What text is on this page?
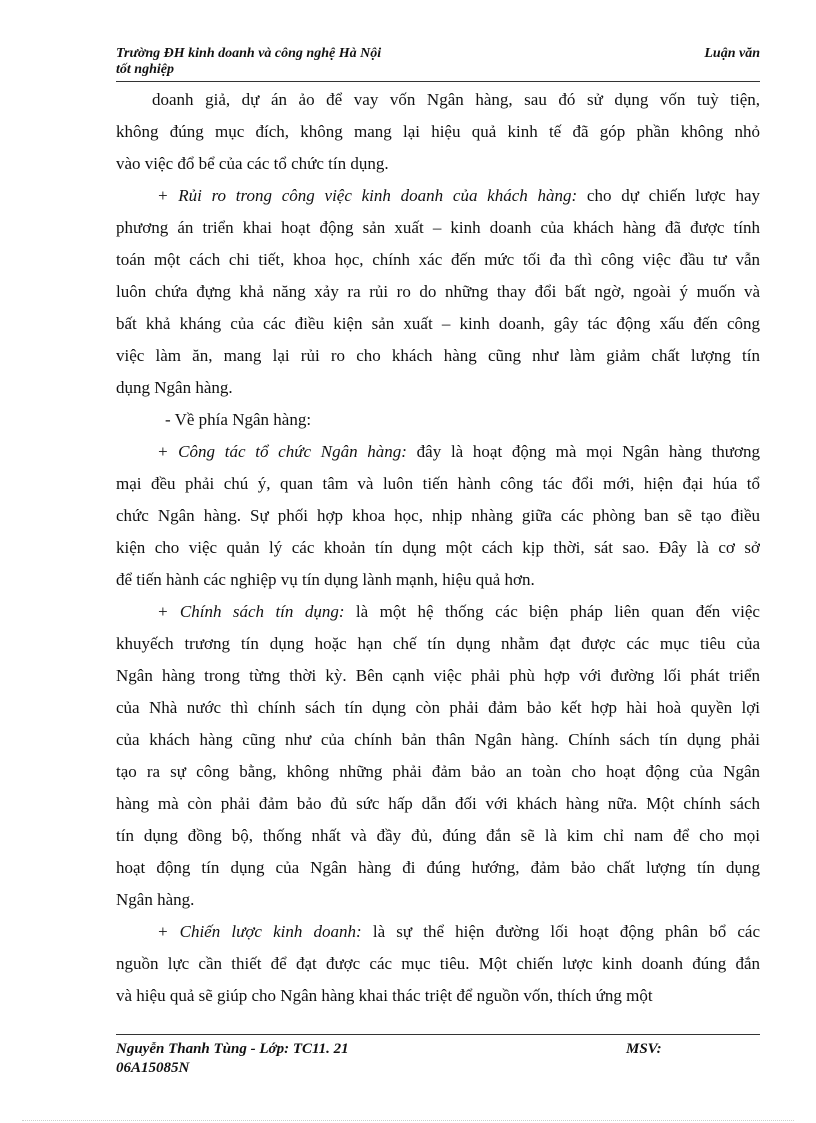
Trường ĐH kinh doanh và công nghệ Hà Nội	Luận văn
tốt nghiệp
doanh giả, dự án ảo để vay vốn Ngân hàng, sau đó sử dụng vốn tuỳ tiện,
không đúng mục đích, không mang lại hiệu quả kinh tế đã góp phần không nhỏ
vào việc đổ bể của các tổ chức tín dụng.
+ Rủi ro trong công việc kinh doanh của khách hàng: cho dự chiến lược hay
phương án triển khai hoạt động sản xuất – kinh doanh của khách hàng đã được tính
toán một cách chi tiết, khoa học, chính xác đến mức tối đa thì công việc đầu tư vẫn
luôn chứa đựng khả năng xảy ra rủi ro do những thay đổi bất ngờ, ngoài ý muốn và
bất khả kháng của các điều kiện sản xuất – kinh doanh, gây tác động xấu đến công
việc làm ăn, mang lại rủi ro cho khách hàng cũng như làm giảm chất lượng tín
dụng Ngân hàng.
- Về phía Ngân hàng:
+ Công tác tổ chức Ngân hàng: đây là hoạt động mà mọi Ngân hàng thương
mại đều phải chú ý, quan tâm và luôn tiến hành công tác đổi mới, hiện đại húa tổ
chức Ngân hàng. Sự phối hợp khoa học, nhịp nhàng giữa các phòng ban sẽ tạo điều
kiện cho việc quản lý các khoản tín dụng một cách kịp thời, sát sao. Đây là cơ sở
để tiến hành các nghiệp vụ tín dụng lành mạnh, hiệu quả hơn.
+ Chính sách tín dụng: là một hệ thống các biện pháp liên quan đến việc
khuyếch trương tín dụng hoặc hạn chế tín dụng nhằm đạt được các mục tiêu của
Ngân hàng trong từng thời kỳ. Bên cạnh việc phải phù hợp với đường lối phát triển
của Nhà nước thì chính sách tín dụng còn phải đảm bảo kết hợp hài hoà quyền lợi
của khách hàng cũng như của chính bản thân Ngân hàng. Chính sách tín dụng phải
tạo ra sự công bằng, không những phải đảm bảo an toàn cho hoạt động của Ngân
hàng mà còn phải đảm bảo đủ sức hấp dẫn đối với khách hàng nữa. Một chính sách
tín dụng đồng bộ, thống nhất và đầy đủ, đúng đắn sẽ là kim chỉ nam để cho mọi
hoạt động tín dụng của Ngân hàng đi đúng hướng, đảm bảo chất lượng tín dụng
Ngân hàng.
+ Chiến lược kinh doanh: là sự thể hiện đường lối hoạt động phân bổ các
nguồn lực cần thiết để đạt được các mục tiêu. Một chiến lược kinh doanh đúng đắn
và hiệu quả sẽ giúp cho Ngân hàng khai thác triệt để nguồn vốn, thích ứng một
Nguyễn Thanh Tùng - Lớp: TC11. 21	MSV:
06A15085N
